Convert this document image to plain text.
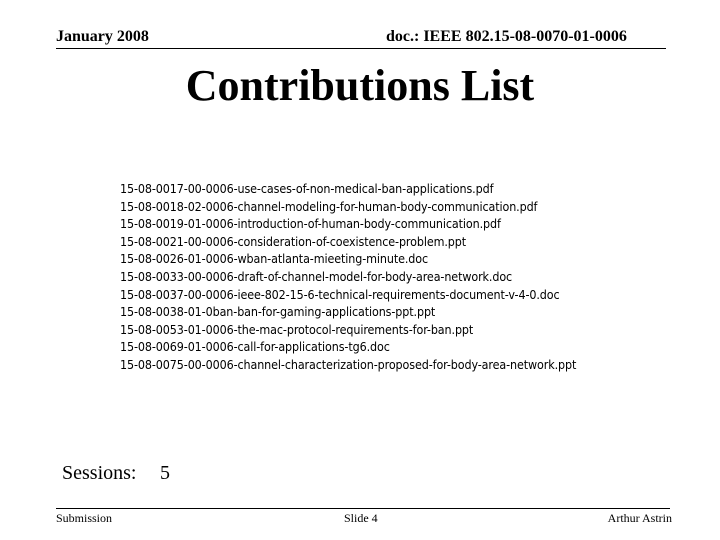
January 2008	doc.: IEEE 802.15-08-0070-01-0006
Contributions List
15-08-0017-00-0006-use-cases-of-non-medical-ban-applications.pdf
15-08-0018-02-0006-channel-modeling-for-human-body-communication.pdf
15-08-0019-01-0006-introduction-of-human-body-communication.pdf
15-08-0021-00-0006-consideration-of-coexistence-problem.ppt
15-08-0026-01-0006-wban-atlanta-mieeting-minute.doc
15-08-0033-00-0006-draft-of-channel-model-for-body-area-network.doc
15-08-0037-00-0006-ieee-802-15-6-technical-requirements-document-v-4-0.doc
15-08-0038-01-0ban-ban-for-gaming-applications-ppt.ppt
15-08-0053-01-0006-the-mac-protocol-requirements-for-ban.ppt
15-08-0069-01-0006-call-for-applications-tg6.doc
15-08-0075-00-0006-channel-characterization-proposed-for-body-area-network.ppt
Sessions: 5
Submission	Slide 4	Arthur Astrin
